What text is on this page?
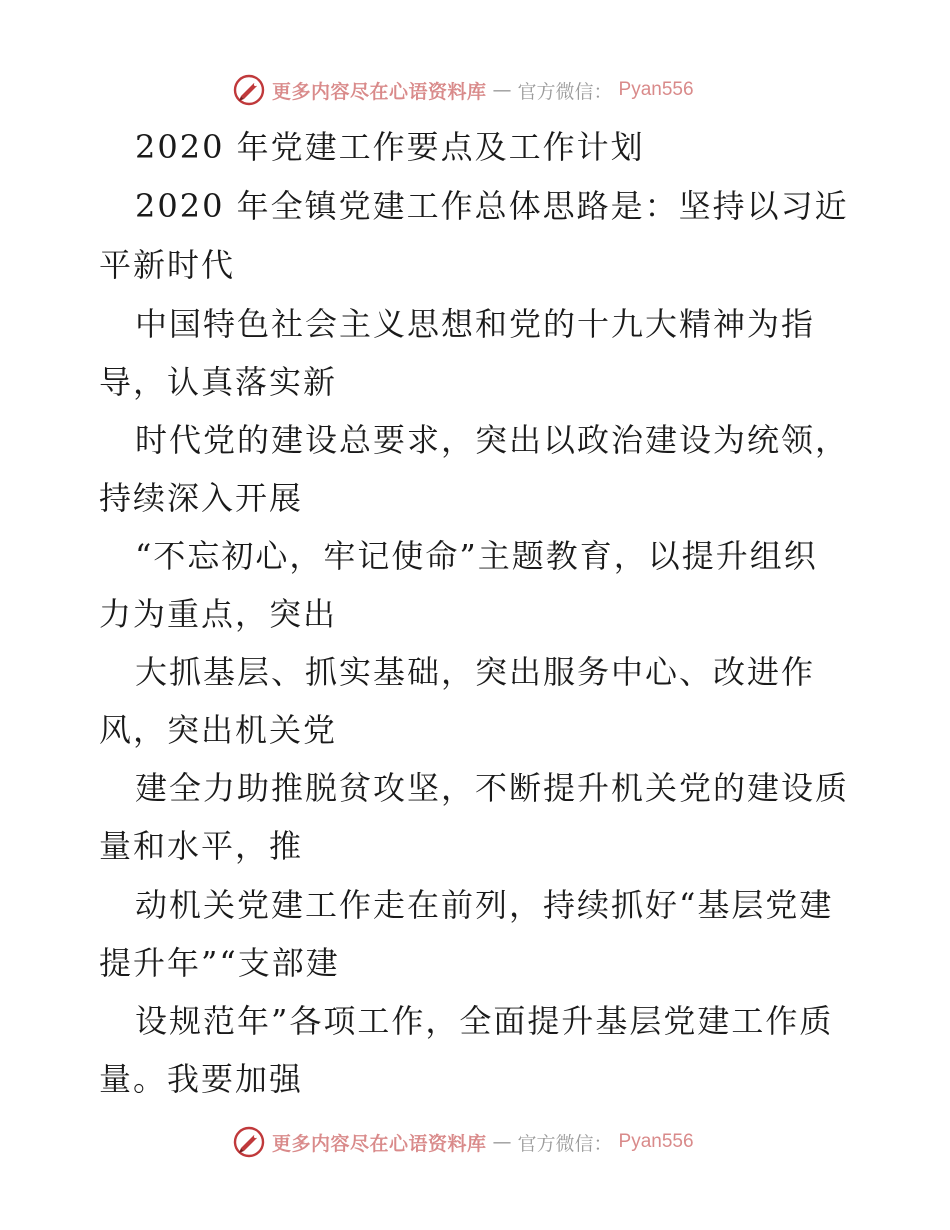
更多内容尽在心语资料库 — 官方微信： Pyan556
2020 年党建工作要点及工作计划
2020 年全镇党建工作总体思路是：坚持以习近
平新时代
中国特色社会主义思想和党的十九大精神为指
导，认真落实新
时代党的建设总要求，突出以政治建设为统领，
持续深入开展
“不忘初心，牢记使命”主题教育，以提升组织
力为重点，突出
大抓基层、抓实基础，突出服务中心、改进作
风，突出机关党
建全力助推脱贫攻坚，不断提升机关党的建设质
量和水平，推
动机关党建工作走在前列，持续抓好“基层党建
提升年”“支部建
设规范年”各项工作，全面提升基层党建工作质
量。我要加强
更多内容尽在心语资料库 — 官方微信： Pyan556
